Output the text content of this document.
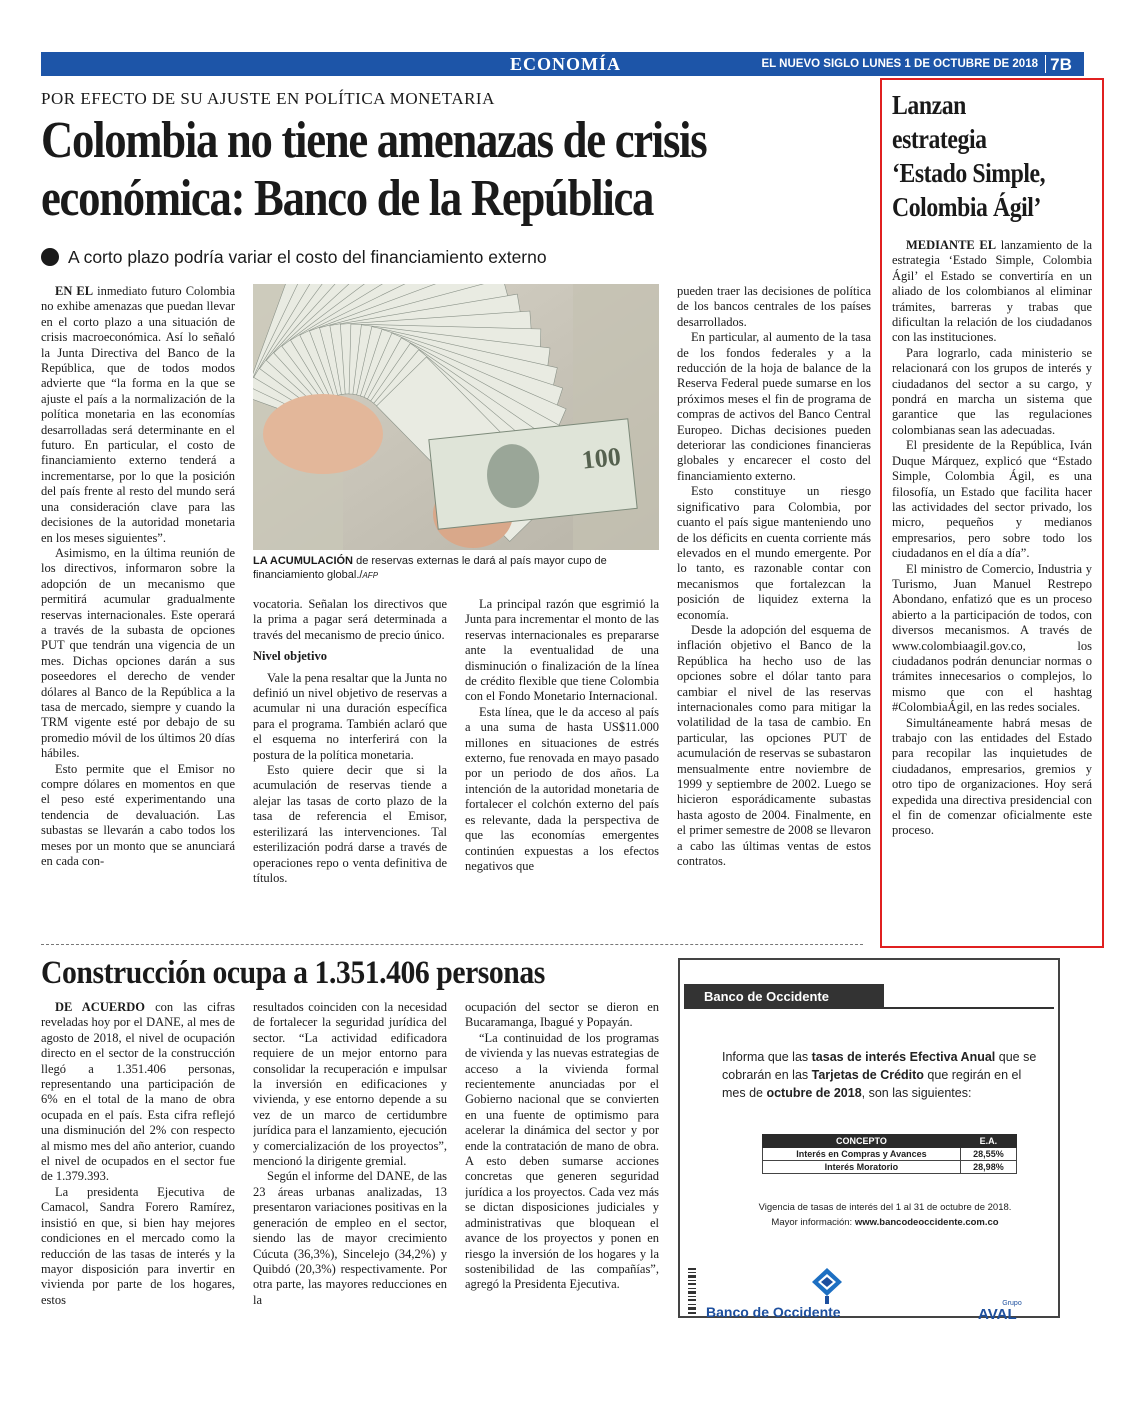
ECONOMÍA	EL NUEVO SIGLO LUNES 1 DE OCTUBRE DE 2018 7B
POR EFECTO DE SU AJUSTE EN POLÍTICA MONETARIA
Colombia no tiene amenazas de crisis
económica: Banco de la República
A corto plazo podría variar el costo del financiamiento externo

EN EL inmediato futuro Colombia no exhibe amenazas que puedan llevar en el corto plazo a una situación de crisis macroeconómica. Así lo señaló la Junta Directiva del Banco de la República, que de todos modos advierte que “la forma en la que se ajuste el país a la normalización de la política monetaria en las economías desarrolladas será determinante en el futuro. En particular, el costo de financiamiento externo tenderá a incrementarse, por lo que la posición del país frente al resto del mundo será una consideración clave para las decisiones de la autoridad monetaria en los meses siguientes”.

Asimismo, en la última reunión de los directivos, informaron sobre la adopción de un mecanismo que permitirá acumular gradualmente reservas internacionales. Este operará a través de la subasta de opciones PUT que tendrán una vigencia de un mes. Dichas opciones darán a sus poseedores el derecho de vender dólares al Banco de la República a la tasa de mercado, siempre y cuando la TRM vigente esté por debajo de su promedio móvil de los últimos 20 días hábiles.

Esto permite que el Emisor no compre dólares en momentos en que el peso esté experimentando una tendencia de devaluación. Las subastas se llevarán a cabo todos los meses por un monto que se anunciará en cada con-

100
LA ACUMULACIÓN de reservas externas le dará al país mayor cupo de financiamiento global./AFP

vocatoria. Señalan los directivos que la prima a pagar será determinada a través del mecanismo de precio único.

Nivel objetivo

Vale la pena resaltar que la Junta no definió un nivel objetivo de reservas a acumular ni una duración específica para el programa. También aclaró que el esquema no interferirá con la postura de la política monetaria.

Esto quiere decir que si la acumulación de reservas tiende a alejar las tasas de corto plazo de la tasa de referencia el Emisor, esterilizará las intervenciones. Tal esterilización podrá darse a través de operaciones repo o venta definitiva de títulos.

La principal razón que esgrimió la Junta para incrementar el monto de las reservas internacionales es prepararse ante la eventualidad de una disminución o finalización de la línea de crédito flexible que tiene Colombia con el Fondo Monetario Internacional.

Esta línea, que le da acceso al país a una suma de hasta US$11.000 millones en situaciones de estrés externo, fue renovada en mayo pasado por un periodo de dos años. La intención de la autoridad monetaria de fortalecer el colchón externo del país es relevante, dada la perspectiva de que las economías emergentes continúen expuestas a los efectos negativos que

pueden traer las decisiones de política de los bancos centrales de los países desarrollados.

En particular, al aumento de la tasa de los fondos federales y a la reducción de la hoja de balance de la Reserva Federal puede sumarse en los próximos meses el fin de programa de compras de activos del Banco Central Europeo. Dichas decisiones pueden deteriorar las condiciones financieras globales y encarecer el costo del financiamiento externo.

Esto constituye un riesgo significativo para Colombia, por cuanto el país sigue manteniendo uno de los déficits en cuenta corriente más elevados en el mundo emergente. Por lo tanto, es razonable contar con mecanismos que fortalezcan la posición de liquidez externa la economía.

Desde la adopción del esquema de inflación objetivo el Banco de la República ha hecho uso de las opciones sobre el dólar tanto para cambiar el nivel de las reservas internacionales como para mitigar la volatilidad de la tasa de cambio. En particular, las opciones PUT de acumulación de reservas se subastaron mensualmente entre noviembre de 1999 y septiembre de 2002. Luego se hicieron esporádicamente subastas hasta agosto de 2004. Finalmente, en el primer semestre de 2008 se llevaron a cabo las últimas ventas de estos contratos.

Lanzan
estrategia
‘Estado Simple,
Colombia Ágil’

MEDIANTE EL lanzamiento de la estrategia ‘Estado Simple, Colombia Ágil’ el Estado se convertiría en un aliado de los colombianos al eliminar trámites, barreras y trabas que dificultan la relación de los ciudadanos con las instituciones.

Para lograrlo, cada ministerio se relacionará con los grupos de interés y ciudadanos del sector a su cargo, y pondrá en marcha un sistema que garantice que las regulaciones colombianas sean las adecuadas.

El presidente de la República, Iván Duque Márquez, explicó que “Estado Simple, Colombia Ágil, es una filosofía, un Estado que facilita hacer las actividades del sector privado, los micro, pequeños y medianos empresarios, pero sobre todo los ciudadanos en el día a día”.

El ministro de Comercio, Industria y Turismo, Juan Manuel Restrepo Abondano, enfatizó que es un proceso abierto a la participación de todos, con diversos mecanismos. A través de www.colombiaagil.gov.co, los ciudadanos podrán denunciar normas o trámites innecesarios o complejos, lo mismo que con el hashtag #ColombiaÁgil, en las redes sociales.

Simultáneamente habrá mesas de trabajo con las entidades del Estado para recopilar las inquietudes de ciudadanos, empresarios, gremios y otro tipo de organizaciones. Hoy será expedida una directiva presidencial con el fin de comenzar oficialmente este proceso.

Construcción ocupa a 1.351.406 personas

DE ACUERDO con las cifras reveladas hoy por el DANE, al mes de agosto de 2018, el nivel de ocupación directo en el sector de la construcción llegó a 1.351.406 personas, representando una participación de 6% en el total de la mano de obra ocupada en el país. Esta cifra reflejó una disminución del 2% con respecto al mismo mes del año anterior, cuando el nivel de ocupados en el sector fue de 1.379.393.

La presidenta Ejecutiva de Camacol, Sandra Forero Ramírez, insistió en que, si bien hay mejores condiciones en el mercado como la reducción de las tasas de interés y la mayor disposición para invertir en vivienda por parte de los hogares, estos

resultados coinciden con la necesidad de fortalecer la seguridad jurídica del sector. “La actividad edificadora requiere de un mejor entorno para consolidar la recuperación e impulsar la inversión en edificaciones y vivienda, y ese entorno depende a su vez de un marco de certidumbre jurídica para el lanzamiento, ejecución y comercialización de los proyectos”, mencionó la dirigente gremial.

Según el informe del DANE, de las 23 áreas urbanas analizadas, 13 presentaron variaciones positivas en la generación de empleo en el sector, siendo las de mayor crecimiento Cúcuta (36,3%), Sincelejo (34,2%) y Quibdó (20,3%) respectivamente. Por otra parte, las mayores reducciones en la

ocupación del sector se dieron en Bucaramanga, Ibagué y Popayán.

“La continuidad de los programas de vivienda y las nuevas estrategias de acceso a la vivienda formal recientemente anunciadas por el Gobierno nacional que se convierten en una fuente de optimismo para acelerar la dinámica del sector y por ende la contratación de mano de obra. A esto deben sumarse acciones concretas que generen seguridad jurídica a los proyectos. Cada vez más se dictan disposiciones judiciales y administrativas que bloquean el avance de los proyectos y ponen en riesgo la inversión de los hogares y la sostenibilidad de las compañías”, agregó la Presidenta Ejecutiva.

Banco de Occidente
Informa que las tasas de interés Efectiva Anual que se cobrarán en las Tarjetas de Crédito que regirán en el mes de octubre de 2018, son las siguientes:
CONCEPTO	E.A.
Interés en Compras y Avances	28,55%
Interés Moratorio	28,98%
Vigencia de tasas de interés del 1 al 31 de octubre de 2018.
Mayor información: www.bancodeoccidente.com.co
Banco de Occidente
Grupo
AVAL
